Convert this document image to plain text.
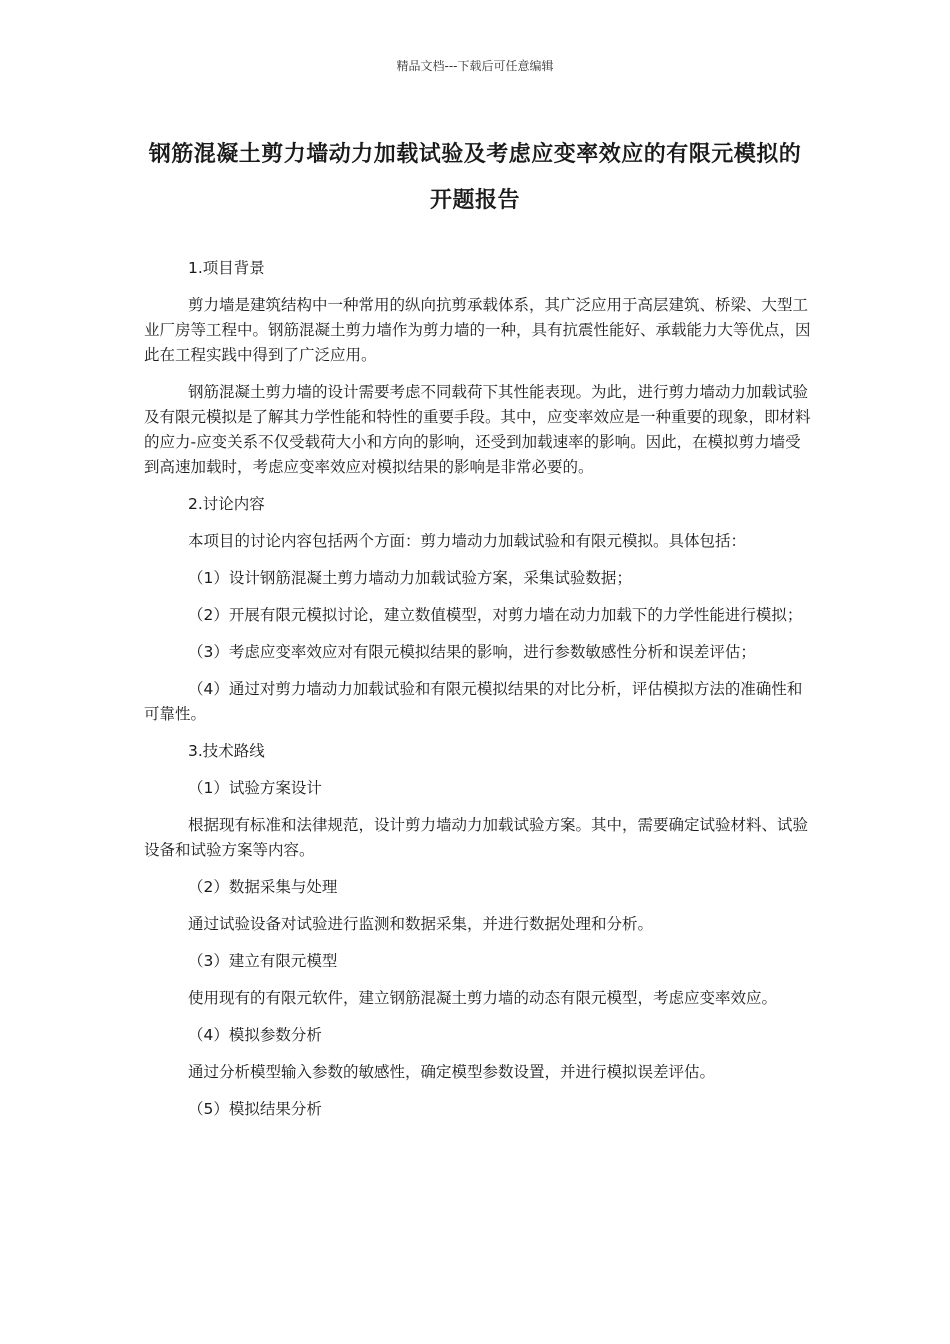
精品文档---下载后可任意编辑
钢筋混凝土剪力墙动力加载试验及考虑应变率效应的有限元模拟的开题报告

1.项目背景

剪力墙是建筑结构中一种常用的纵向抗剪承载体系，其广泛应用于高层建筑、桥梁、大型工业厂房等工程中。钢筋混凝土剪力墙作为剪力墙的一种，具有抗震性能好、承载能力大等优点，因此在工程实践中得到了广泛应用。

钢筋混凝土剪力墙的设计需要考虑不同载荷下其性能表现。为此，进行剪力墙动力加载试验及有限元模拟是了解其力学性能和特性的重要手段。其中，应变率效应是一种重要的现象，即材料的应力-应变关系不仅受载荷大小和方向的影响，还受到加载速率的影响。因此，在模拟剪力墙受到高速加载时，考虑应变率效应对模拟结果的影响是非常必要的。

2.讨论内容

本项目的讨论内容包括两个方面：剪力墙动力加载试验和有限元模拟。具体包括：

（1）设计钢筋混凝土剪力墙动力加载试验方案，采集试验数据；

（2）开展有限元模拟讨论，建立数值模型，对剪力墙在动力加载下的力学性能进行模拟；

（3）考虑应变率效应对有限元模拟结果的影响，进行参数敏感性分析和误差评估；

（4）通过对剪力墙动力加载试验和有限元模拟结果的对比分析，评估模拟方法的准确性和可靠性。

3.技术路线

（1）试验方案设计

根据现有标准和法律规范，设计剪力墙动力加载试验方案。其中，需要确定试验材料、试验设备和试验方案等内容。

（2）数据采集与处理

通过试验设备对试验进行监测和数据采集，并进行数据处理和分析。

（3）建立有限元模型

使用现有的有限元软件，建立钢筋混凝土剪力墙的动态有限元模型，考虑应变率效应。

（4）模拟参数分析

通过分析模型输入参数的敏感性，确定模型参数设置，并进行模拟误差评估。

（5）模拟结果分析
